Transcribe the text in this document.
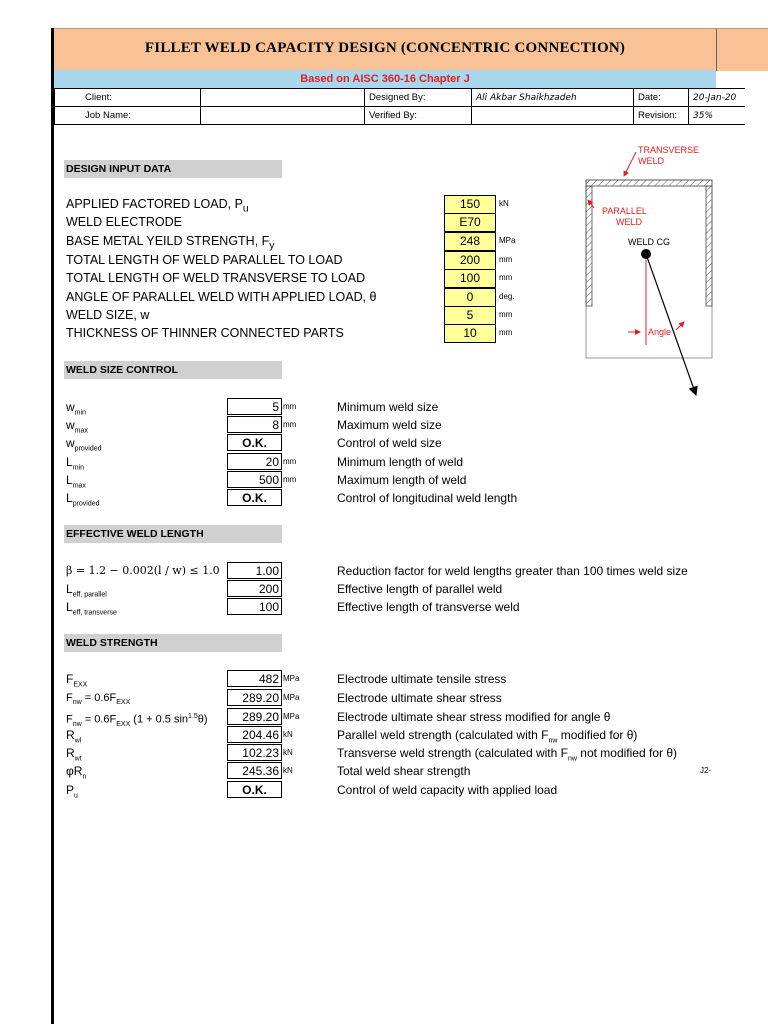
FILLET WELD CAPACITY DESIGN (CONCENTRIC CONNECTION)
Based on AISC 360-16 Chapter J
Client:		Designed By:	Ali Akbar Shaikhzadeh	Date:	20-Jan-20
Job Name:		Verified By:		Revision:	35%
DESIGN INPUT DATA
APPLIED FACTORED LOAD, $P_u$	150	kN
WELD ELECTRODE	E70
BASE METAL YEILD STRENGTH, $F_y$	248	MPa
TOTAL LENGTH OF WELD PARALLEL TO LOAD	200	mm
TOTAL LENGTH OF WELD TRANSVERSE TO LOAD	100	mm
ANGLE OF PARALLEL WELD WITH APPLIED LOAD, θ	0	deg.
WELD SIZE, w	5	mm
THICKNESS OF THINNER CONNECTED PARTS	10	mm
TRANSVERSE
WELD
PARALLEL
WELD
WELD CG
Angle
WELD SIZE CONTROL
$w_{min}$	5 mm	Minimum weld size
$w_{max}$	8 mm	Maximum weld size
$w_{provided}$	O.K.	Control of weld size
$L_{min}$	20 mm	Minimum length of weld
$L_{max}$	500 mm	Maximum length of weld
$L_{provided}$	O.K.	Control of longitudinal weld length
EFFECTIVE WELD LENGTH
β = 1.2 − 0.002(l / w) ≤ 1.0	1.00	Reduction factor for weld lengths greater than 100 times weld size
$L_{eff, parallel}$	200	Effective length of parallel weld
$L_{eff, transverse}$	100	Effective length of transverse weld
WELD STRENGTH
$F_{EXX}$	482 MPa	Electrode ultimate tensile stress
$F_{nw} = 0.6F_{EXX}$	289.20 MPa	Electrode ultimate shear stress
$F_{nw} = 0.6F_{EXX}$ (1 + 0.5 $\sin^{1.5}\theta$)	289.20 MPa	Electrode ultimate shear stress modified for angle θ
$R_{wl}$	204.46 kN	Parallel weld strength (calculated with $F_{nw}$ modified for θ)
$R_{wt}$	102.23 kN	Transverse weld strength (calculated with $F_{nw}$ not modified for θ)
$\varphi R_n$	245.36 kN	Total weld shear strength
$P_u$	O.K.	Control of weld capacity with applied load
J2-
